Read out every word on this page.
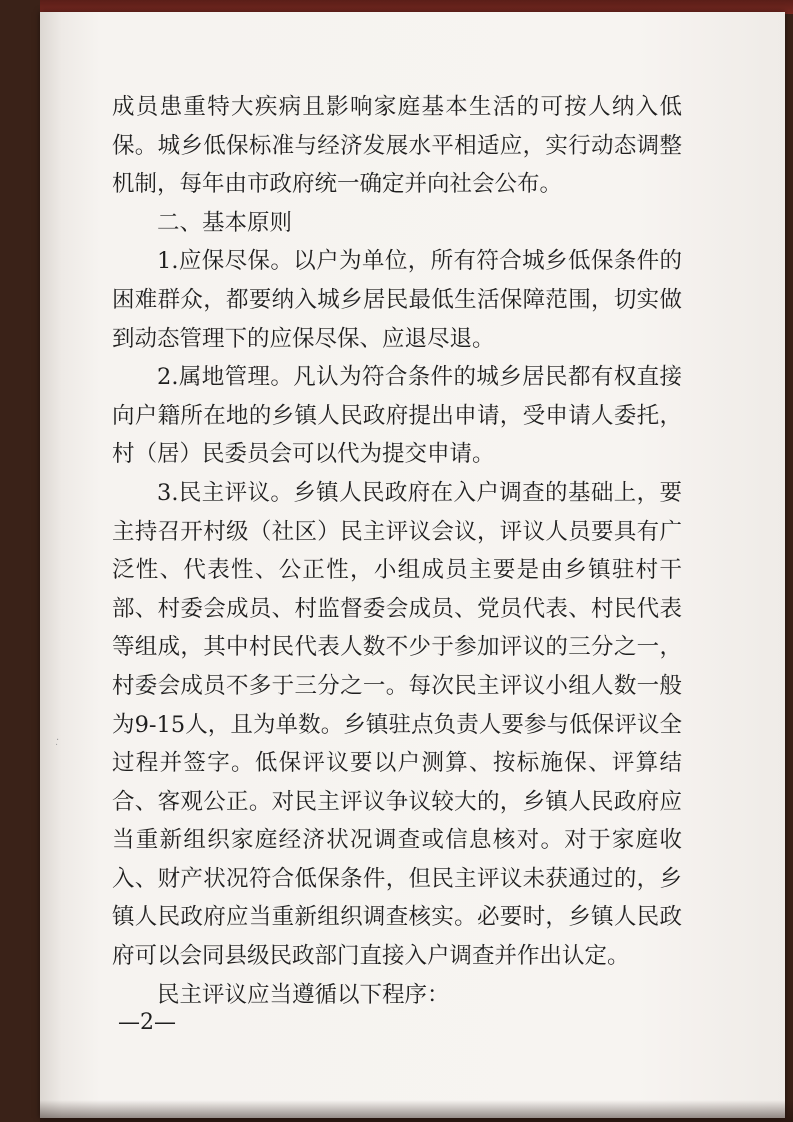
·̣

成员患重特大疾病且影响家庭基本生活的可按人纳入低保。城乡低保标准与经济发展水平相适应，实行动态调整机制，每年由市政府统一确定并向社会公布。

二、基本原则

1.应保尽保。以户为单位，所有符合城乡低保条件的困难群众，都要纳入城乡居民最低生活保障范围，切实做到动态管理下的应保尽保、应退尽退。

2.属地管理。凡认为符合条件的城乡居民都有权直接向户籍所在地的乡镇人民政府提出申请，受申请人委托，村（居）民委员会可以代为提交申请。

3.民主评议。乡镇人民政府在入户调查的基础上，要主持召开村级（社区）民主评议会议，评议人员要具有广泛性、代表性、公正性，小组成员主要是由乡镇驻村干部、村委会成员、村监督委会成员、党员代表、村民代表等组成，其中村民代表人数不少于参加评议的三分之一，村委会成员不多于三分之一。每次民主评议小组人数一般为9-15人，且为单数。乡镇驻点负责人要参与低保评议全过程并签字。低保评议要以户测算、按标施保、评算结合、客观公正。对民主评议争议较大的，乡镇人民政府应当重新组织家庭经济状况调查或信息核对。对于家庭收入、财产状况符合低保条件，但民主评议未获通过的，乡镇人民政府应当重新组织调查核实。必要时，乡镇人民政府可以会同县级民政部门直接入户调查并作出认定。

民主评议应当遵循以下程序：

—2—
